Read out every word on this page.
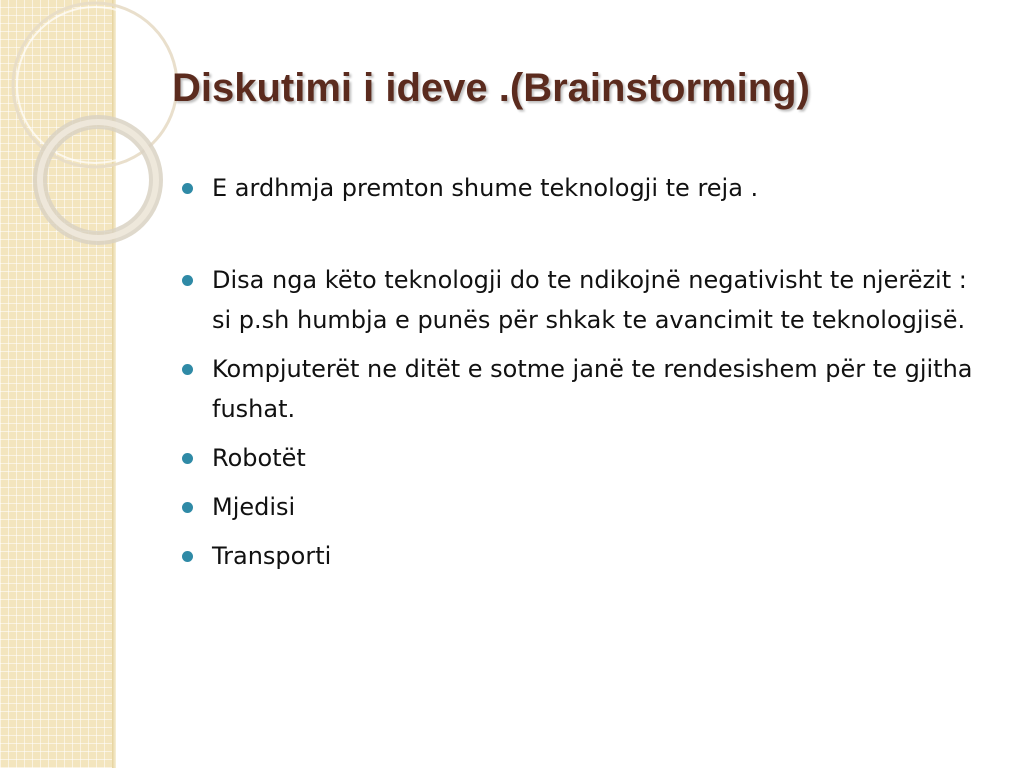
Diskutimi i ideve .(Brainstorming)
E ardhmja premton shume teknologji te reja .
Disa nga këto teknologji do te ndikojnë negativisht te njerëzit : si p.sh humbja e punës për shkak te avancimit te teknologjisë.
Kompjuterët ne ditët e sotme janë te rendesishem për te gjitha fushat.
Robotët
Mjedisi
Transporti
